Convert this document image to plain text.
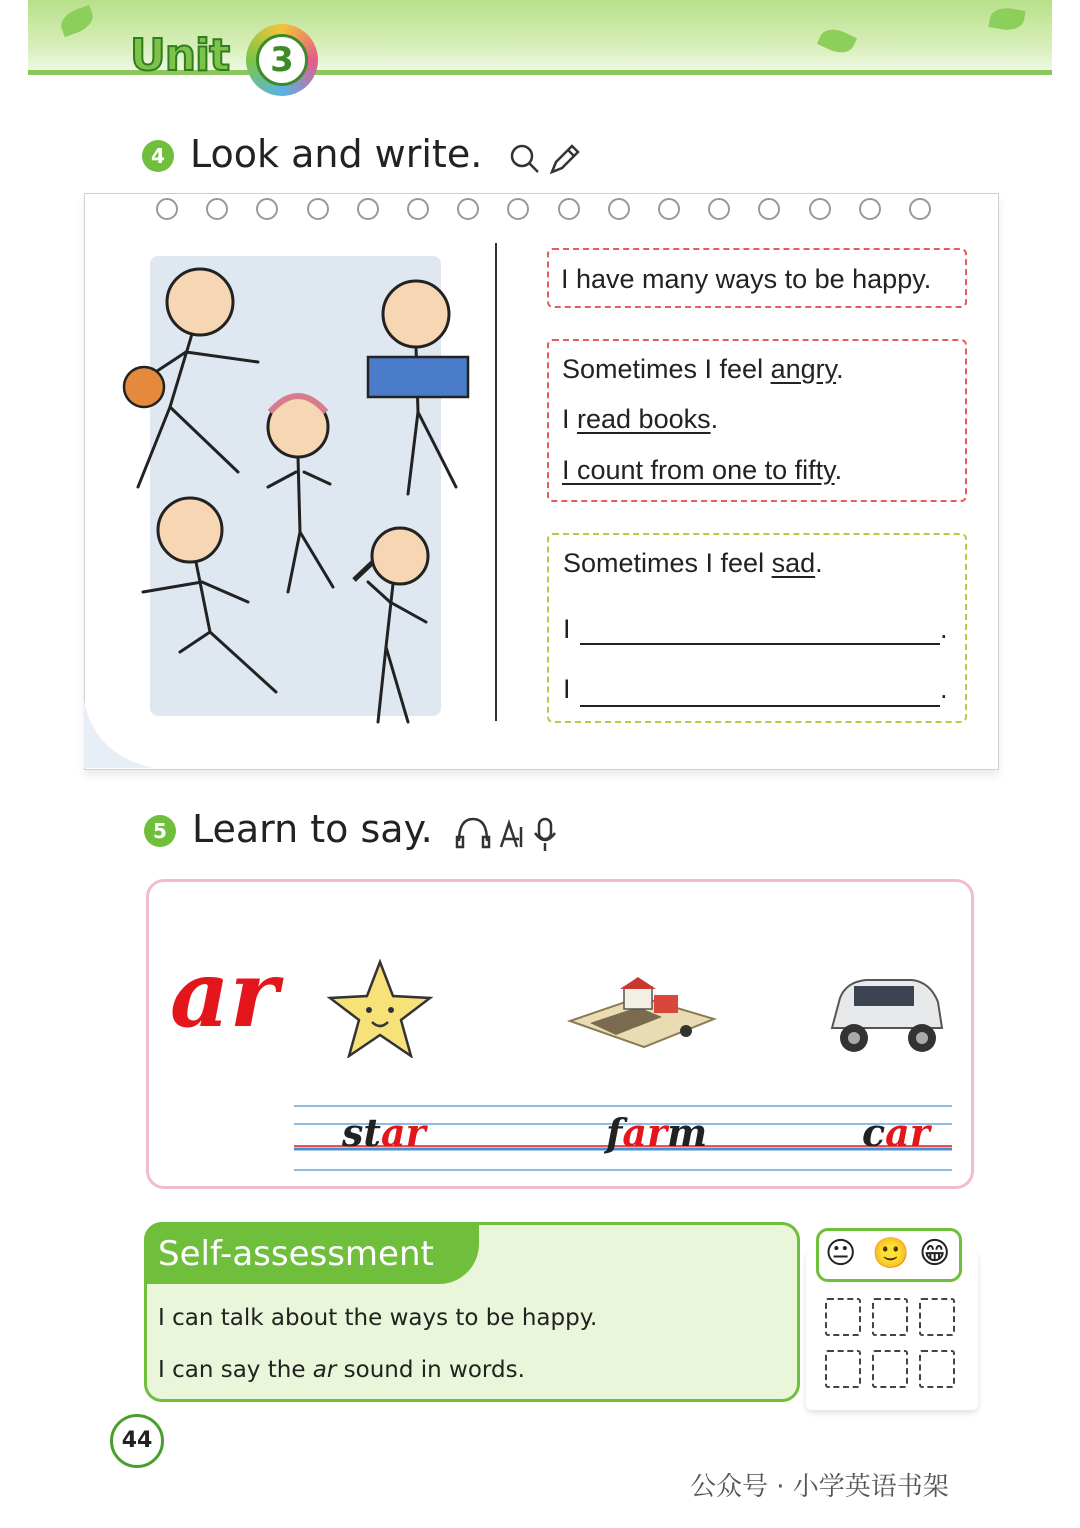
Unit	3
4 Look and write.
I have many ways to be happy.
Sometimes I feel angry.
I read books.
I count from one to fifty.
Sometimes I feel sad.
I	.
I	.
5 Learn to say.
ar
star	farm	car
Self-assessment
I can talk about the ways to be happy.
I can say the ar sound in words.
😐 🙂 😁
44
公众号 · 小学英语书架
